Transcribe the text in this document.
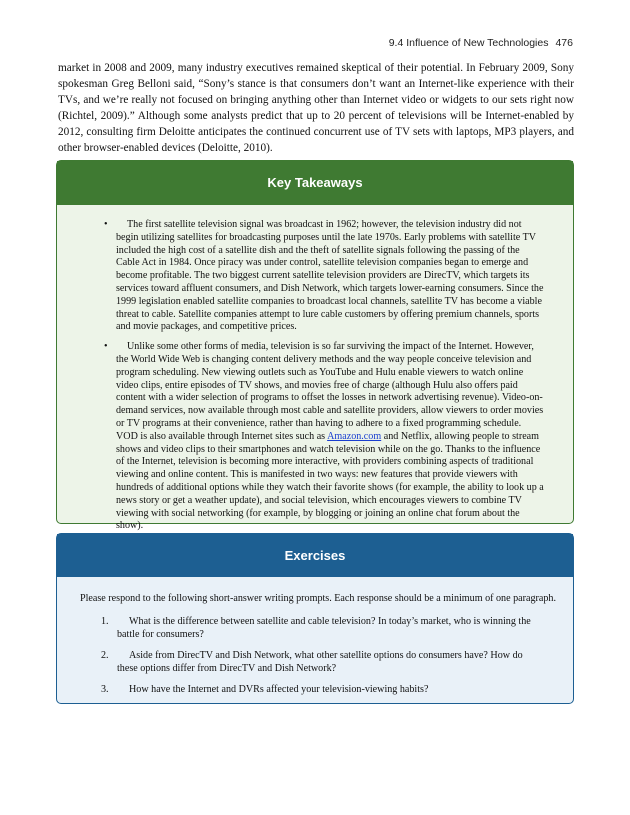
9.4 Influence of New Technologies 476

market in 2008 and 2009, many industry executives remained skeptical of their potential. In February 2009, Sony spokesman Greg Belloni said, “Sony’s stance is that consumers don’t want an Internet-like experience with their TVs, and we’re really not focused on bringing anything other than Internet video or widgets to our sets right now (Richtel, 2009).” Although some analysts predict that up to 20 percent of televisions will be Internet-enabled by 2012, consulting firm Deloitte anticipates the continued concurrent use of TV sets with laptops, MP3 players, and other browser-enabled devices (Deloitte, 2010).

Key Takeaways
• The first satellite television signal was broadcast in 1962; however, the television industry did not begin utilizing satellites for broadcasting purposes until the late 1970s. Early problems with satellite TV included the high cost of a satellite dish and the theft of satellite signals following the passing of the Cable Act in 1984. Once piracy was under control, satellite television companies began to emerge and become profitable. The two biggest current satellite television providers are DirecTV, which targets its services toward affluent consumers, and Dish Network, which targets lower-earning consumers. Since the 1999 legislation enabled satellite companies to broadcast local channels, satellite TV has become a viable threat to cable. Satellite companies attempt to lure cable customers by offering premium channels, sports and movie packages, and competitive prices.
• Unlike some other forms of media, television is so far surviving the impact of the Internet. However, the World Wide Web is changing content delivery methods and the way people conceive television and program scheduling. New viewing outlets such as YouTube and Hulu enable viewers to watch online video clips, entire episodes of TV shows, and movies free of charge (although Hulu also offers paid content with a wider selection of programs to offset the losses in network advertising revenue). Video-on-demand services, now available through most cable and satellite providers, allow viewers to order movies or TV programs at their convenience, rather than having to adhere to a fixed programming schedule. VOD is also available through Internet sites such as Amazon.com and Netflix, allowing people to stream shows and video clips to their smartphones and watch television while on the go. Thanks to the influence of the Internet, television is becoming more interactive, with providers combining aspects of traditional viewing and online content. This is manifested in two ways: new features that provide viewers with hundreds of additional options while they watch their favorite shows (for example, the ability to look up a news story or get a weather update), and social television, which encourages viewers to combine TV viewing with social networking (for example, by blogging or joining an online chat forum about the show).
Exercises
Please respond to the following short-answer writing prompts. Each response should be a minimum of one paragraph.
1. What is the difference between satellite and cable television? In today’s market, who is winning the battle for consumers?
2. Aside from DirecTV and Dish Network, what other satellite options do consumers have? How do these options differ from DirecTV and Dish Network?
3. How have the Internet and DVRs affected your television-viewing habits?
